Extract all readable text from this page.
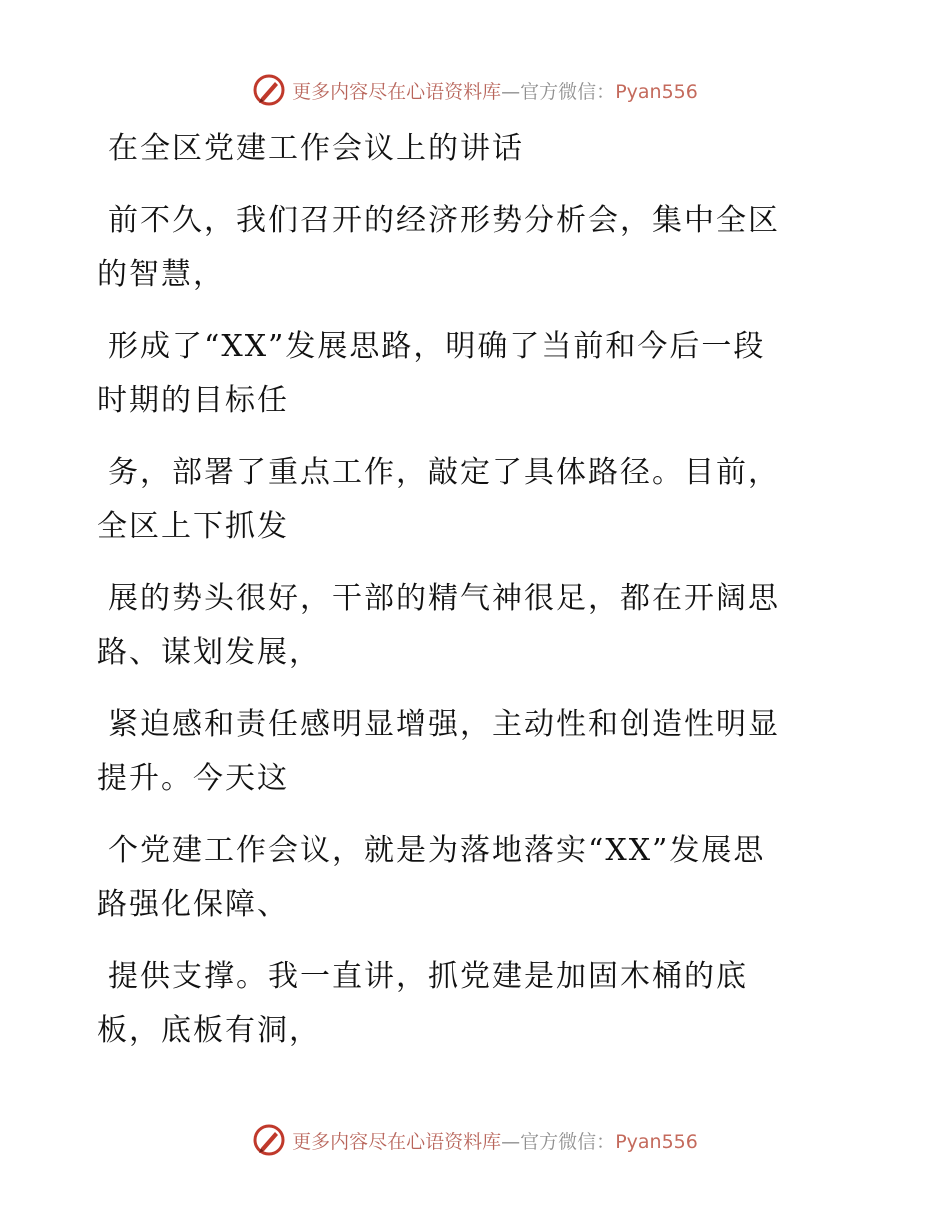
更多内容尽在心语资料库—官方微信：Pyan556
在全区党建工作会议上的讲话
前不久，我们召开的经济形势分析会，集中全区
的智慧，
形成了“XX”发展思路，明确了当前和今后一段
时期的目标任
务，部署了重点工作，敲定了具体路径。目前，
全区上下抓发
展的势头很好，干部的精气神很足，都在开阔思
路、谋划发展，
紧迫感和责任感明显增强，主动性和创造性明显
提升。今天这
个党建工作会议，就是为落地落实“XX”发展思
路强化保障、
提供支撑。我一直讲，抓党建是加固木桶的底
板，底板有洞，
更多内容尽在心语资料库—官方微信：Pyan556
